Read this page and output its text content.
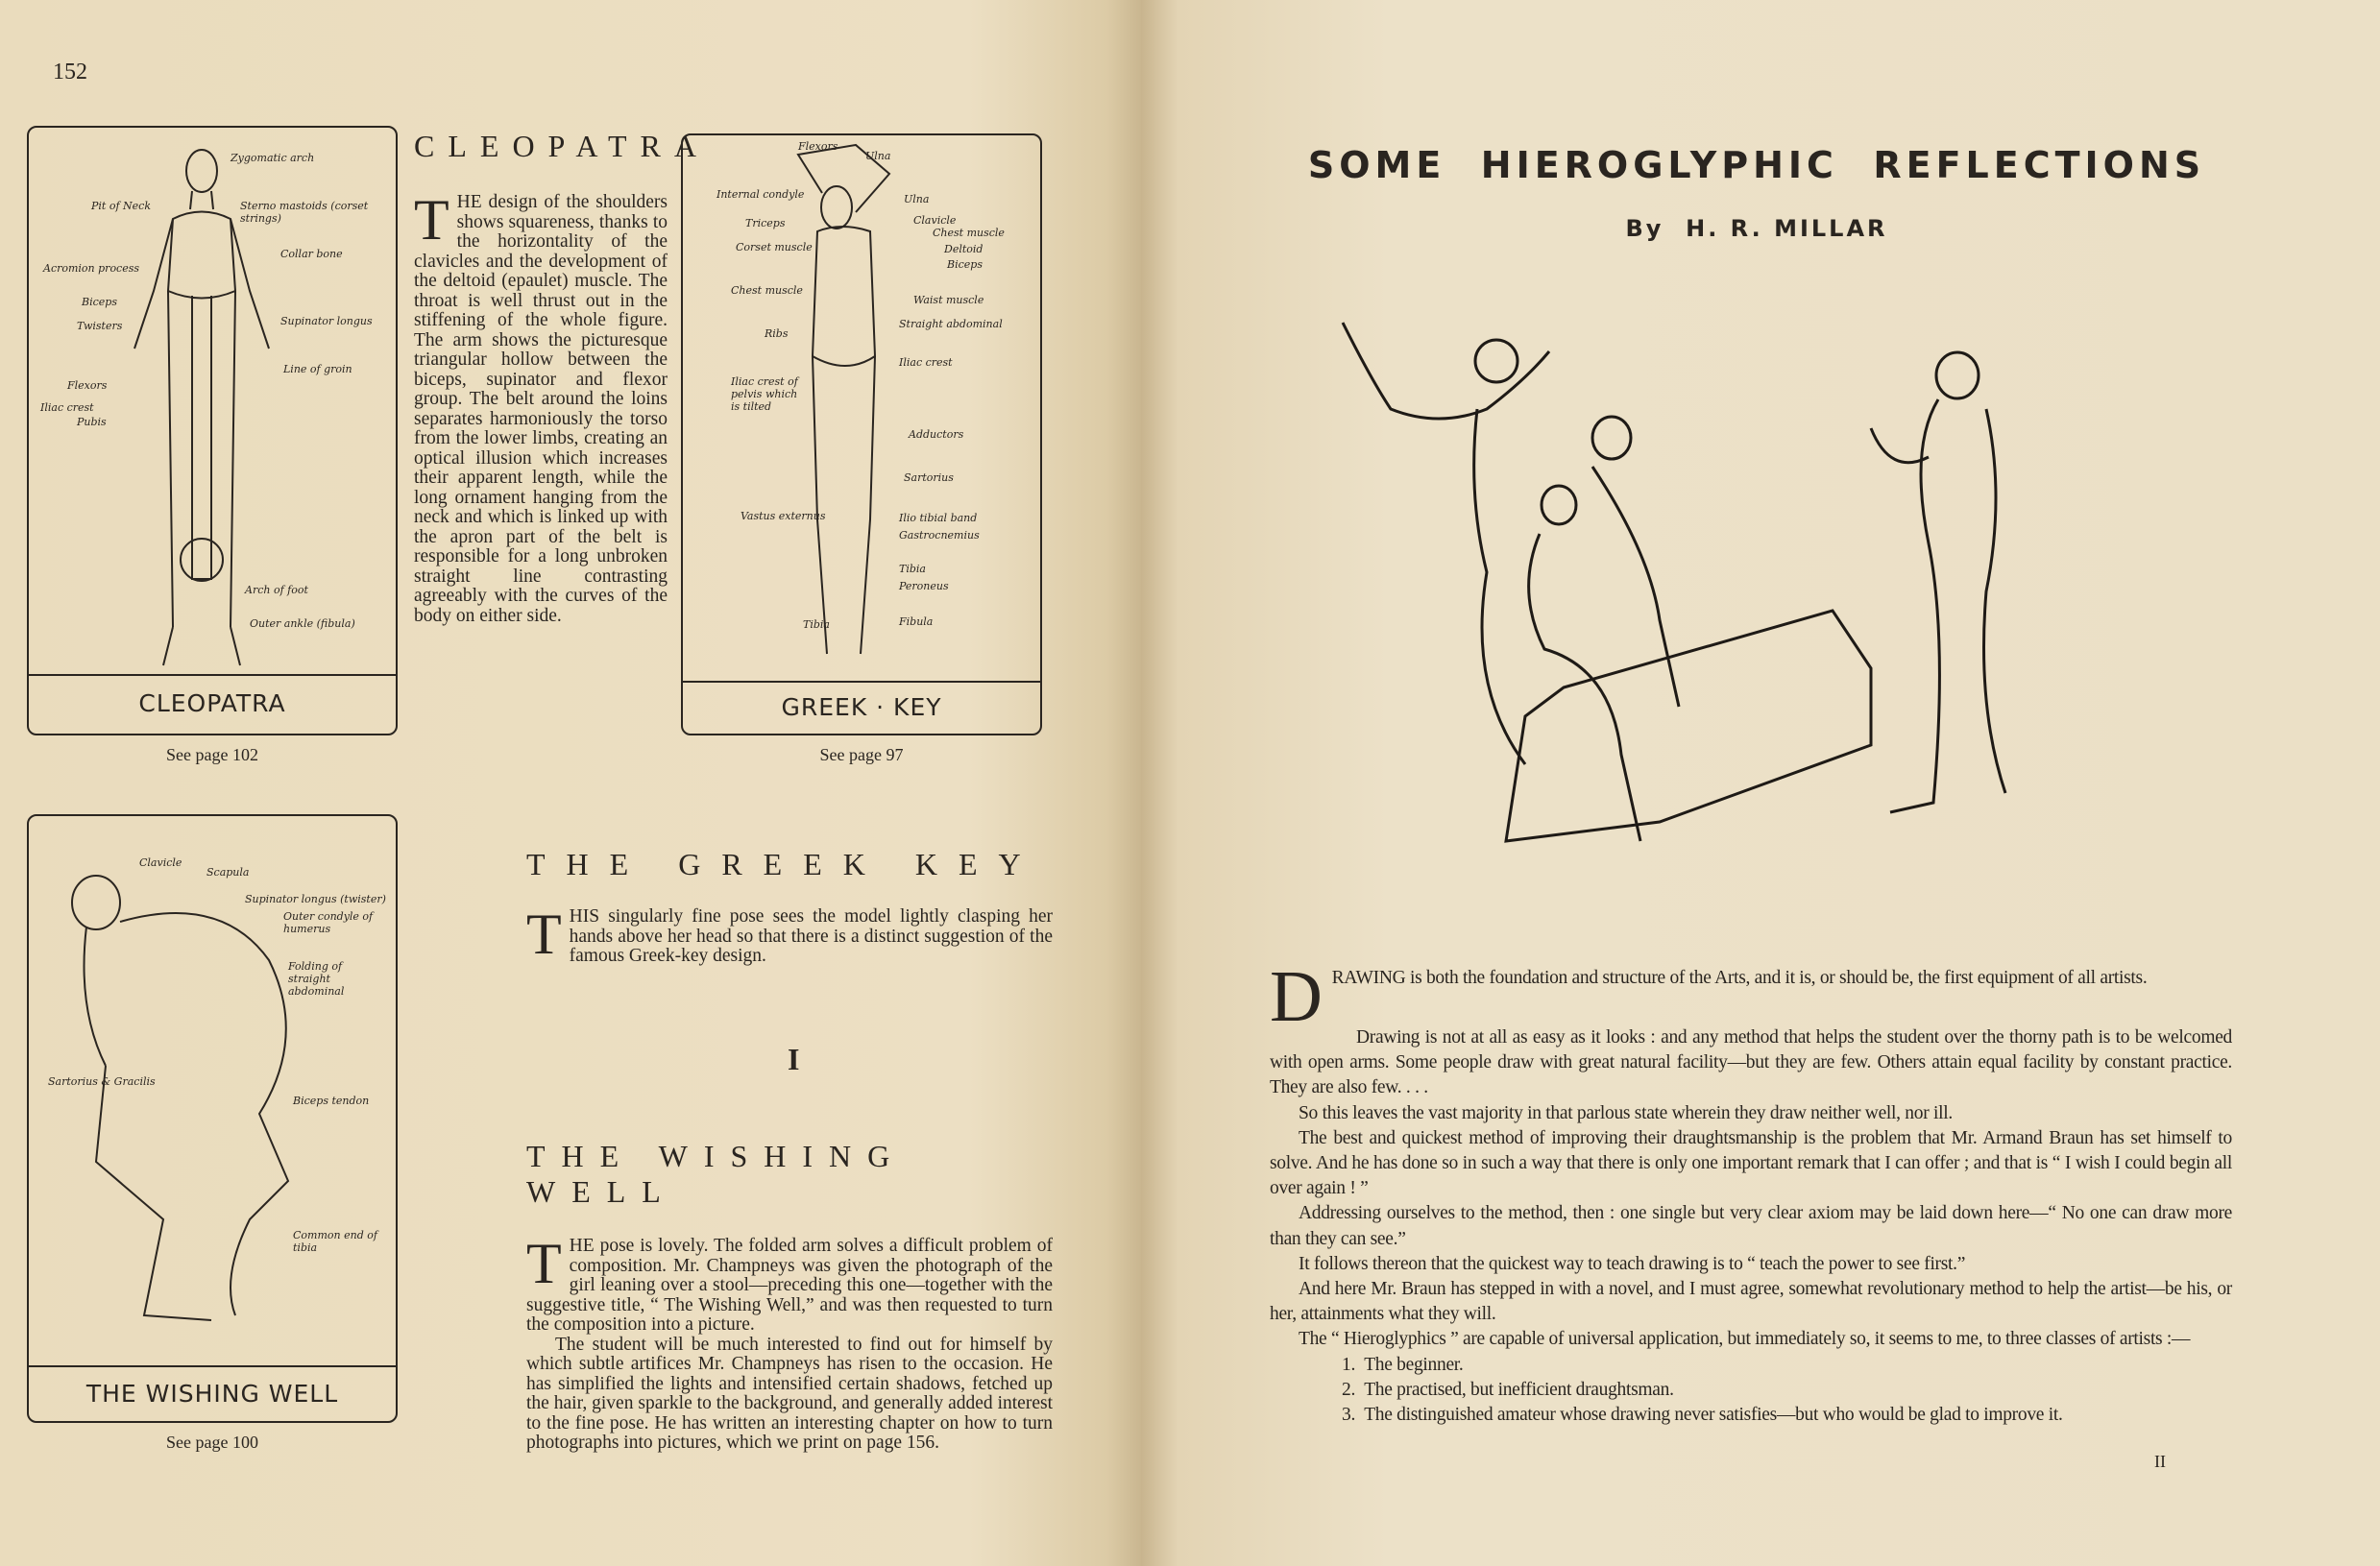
152
Zygomatic arch
Pit of Neck	Sterno mastoids (corset strings)
Acromion process
Collar bone
Biceps
Twisters	Supinator longus
Flexors
Line of groin
Iliac crest
Pubis
Arch of foot
Outer ankle (fibula)
CLEOPATRA
See page 102
CLEOPATRA
THE design of the shoulders shows squareness, thanks to the horizontality of the clavicles and the development of the deltoid (epaulet) muscle. The throat is well thrust out in the stiffening of the whole figure. The arm shows the picturesque triangular hollow between the biceps, supinator and flexor group. The belt around the loins separates harmoniously the torso from the lower limbs, creating an optical illusion which increases their apparent length, while the long ornament hanging from the neck and which is linked up with the apron part of the belt is responsible for a long unbroken straight line contrasting agreeably with the curves of the body on either side.
Flexors
Ulna
Internal condyle
Triceps
Ulna
Clavicle
Chest muscle
Deltoid
Biceps
Corset muscle
Chest muscle
Waist muscle
Ribs
Straight abdominal
Iliac crest
Iliac crest of pelvis which is tilted
Adductors
Sartorius
Vastus externus	Ilio tibial band
Gastrocnemius
Tibia
Peroneus
Fibula
Tibia
GREEK · KEY
See page 97
Clavicle
Scapula
Supinator longus (twister)
Outer condyle of humerus
Folding of straight abdominal
Sartorius & Gracilis
Biceps tendon
Common end of tibia
THE WISHING WELL
See page 100
THE GREEK KEY
THIS singularly fine pose sees the model lightly clasping her hands above her head so that there is a distinct suggestion of the famous Greek-key design.
I
THE WISHING WELL
THE pose is lovely. The folded arm solves a difficult problem of composition. Mr. Champneys was given the photograph of the girl leaning over a stool—preceding this one—together with the suggestive title, “ The Wishing Well,” and was then requested to turn the composition into a picture.
The student will be much interested to find out for himself by which subtle artifices Mr. Champneys has risen to the occasion. He has simplified the lights and intensified certain shadows, fetched up the hair, given sparkle to the background, and generally added interest to the fine pose. He has written an interesting chapter on how to turn photographs into pictures, which we print on page 156.
SOME  HIEROGLYPHIC  REFLECTIONS
By  H. R. MILLAR
DRAWING is both the foundation and structure of the Arts, and it is, or should be, the first equipment of all artists.

Drawing is not at all as easy as it looks : and any method that helps the student over the thorny path is to be welcomed with open arms. Some people draw with great natural facility—but they are few. Others attain equal facility by constant practice. They are also few. . . .

So this leaves the vast majority in that parlous state wherein they draw neither well, nor ill.

The best and quickest method of improving their draughtsmanship is the problem that Mr. Armand Braun has set himself to solve. And he has done so in such a way that there is only one important remark that I can offer ; and that is “ I wish I could begin all over again ! ”

Addressing ourselves to the method, then : one single but very clear axiom may be laid down here—“ No one can draw more than they can see.”

It follows thereon that the quickest way to teach drawing is to “ teach the power to see first.”

And here Mr. Braun has stepped in with a novel, and I must agree, somewhat revolutionary method to help the artist—be his, or her, attainments what they will.

The “ Hieroglyphics ” are capable of universal application, but immediately so, it seems to me, to three classes of artists :—

1. The beginner.
2. The practised, but inefficient draughtsman.
3. The distinguished amateur whose drawing never satisfies—but who would be glad to improve it.
II
